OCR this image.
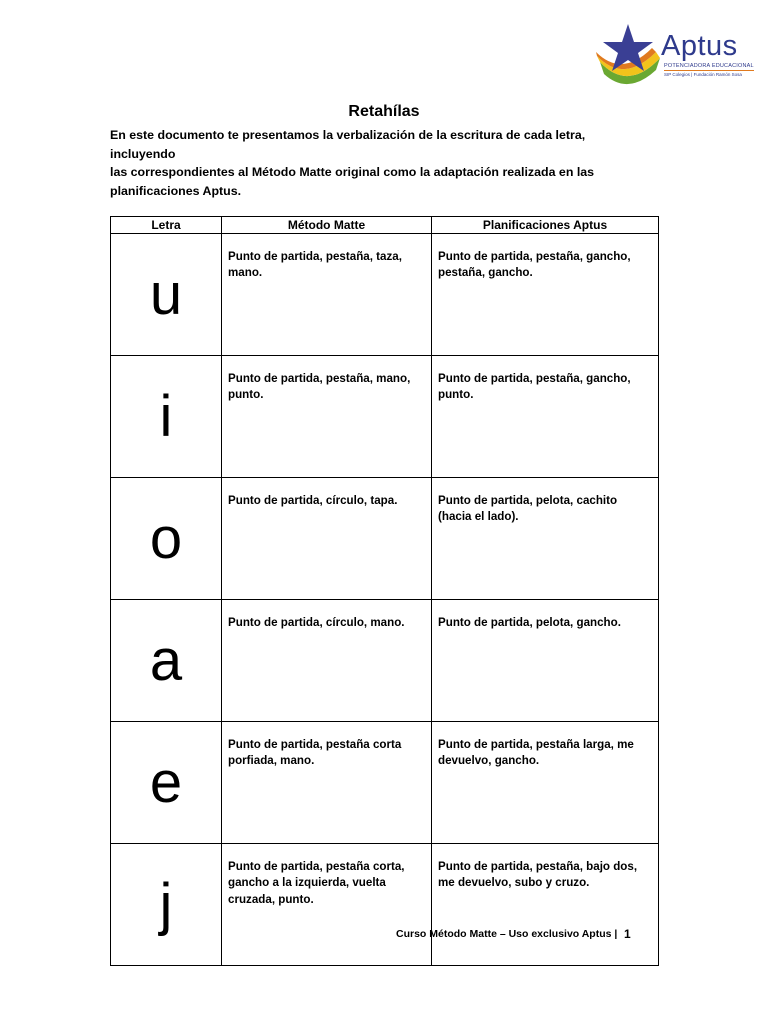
Aptus
POTENCIADORA EDUCACIONAL
SIP Colegios | Fundación Ramón Sosa
Retahílas
En este documento te presentamos la verbalización de la escritura de cada letra, incluyendo
las correspondientes al Método Matte original como la adaptación realizada en las
planificaciones Aptus.
Letra	Método Matte	Planificaciones Aptus
u	Punto de partida, pestaña, taza, mano.	Punto de partida, pestaña, gancho, pestaña, gancho.
i	Punto de partida, pestaña, mano, punto.	Punto de partida, pestaña, gancho, punto.
o	Punto de partida, círculo, tapa.	Punto de partida, pelota, cachito (hacia el lado).
a	Punto de partida, círculo, mano.	Punto de partida, pelota, gancho.
e	Punto de partida, pestaña corta porfiada, mano.	Punto de partida, pestaña larga, me devuelvo, gancho.
j	Punto de partida, pestaña corta, gancho a la izquierda, vuelta cruzada, punto.	Punto de partida, pestaña, bajo dos, me devuelvo, subo y cruzo.
Curso Método Matte – Uso exclusivo Aptus | 1
